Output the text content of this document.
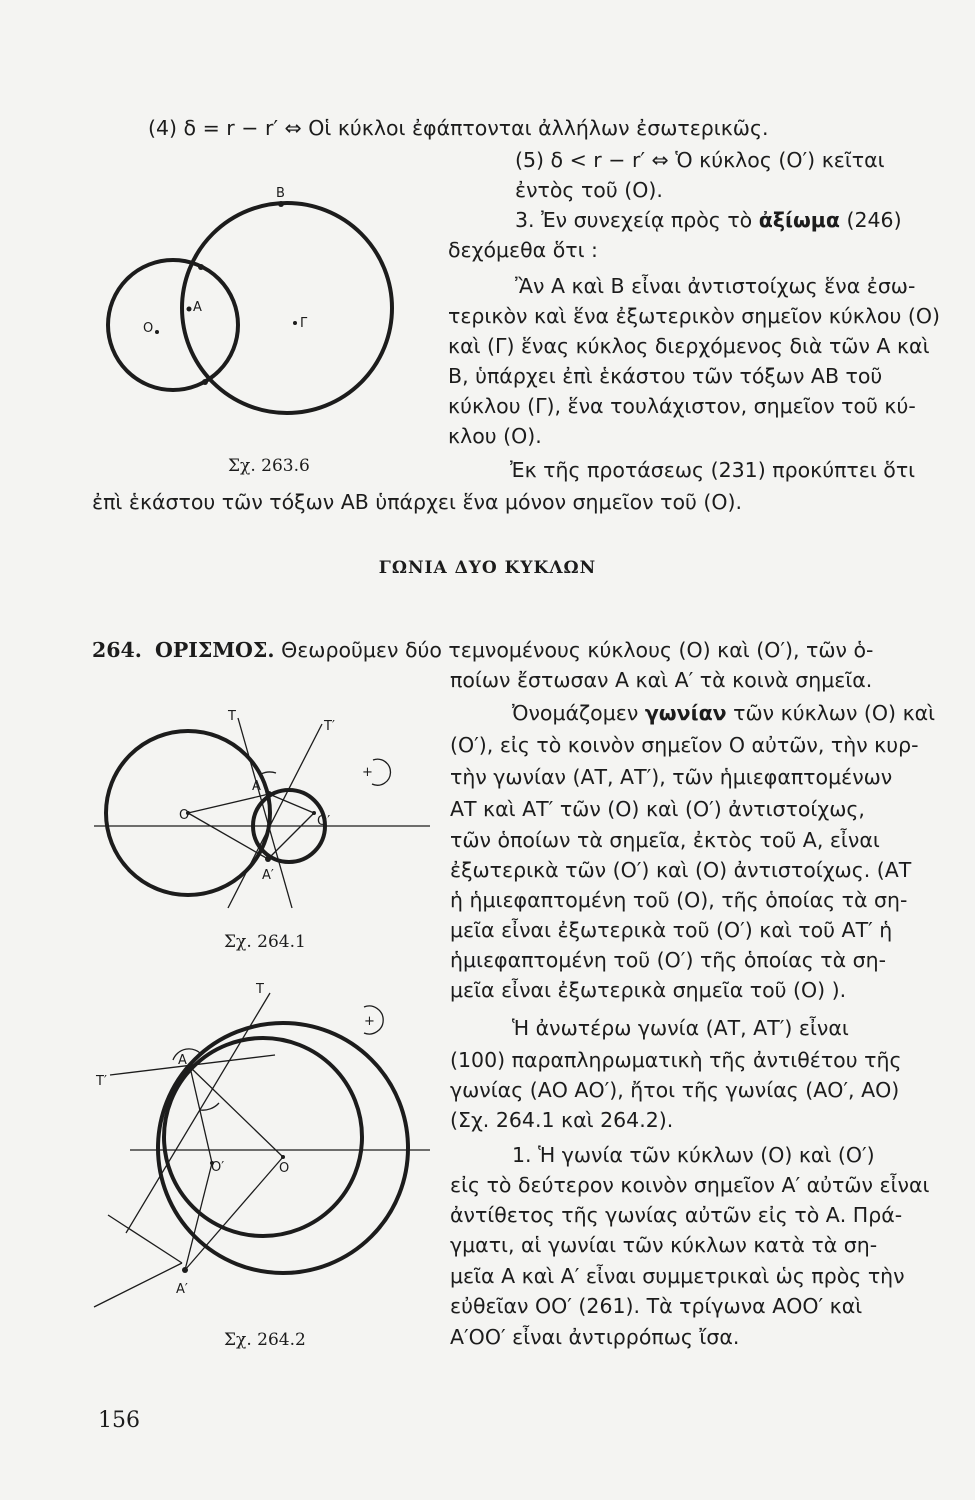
(4) δ = r − r′ ⇔ Οἱ κύκλοι ἐφάπτονται ἀλλήλων ἐσωτερικῶς.

(5) δ < r − r′ ⇔ Ὁ κύκλος (Ο′) κεῖται

ἐντὸς τοῦ (Ο).

3. Ἐν συνεχείᾳ πρὸς τὸ ἀξίωμα (246)

δεχόμεθα ὅτι :

Ἂν Α καὶ Β εἶναι ἀντιστοίχως ἕνα ἐσω-

τερικὸν καὶ ἕνα ἐξωτερικὸν σημεῖον κύκλου (Ο)

καὶ (Γ) ἕνας κύκλος διερχόμενος διὰ τῶν Α καὶ

Β, ὑπάρχει ἐπὶ ἑκάστου τῶν τόξων ΑΒ τοῦ

κύκλου (Γ), ἕνα τουλάχιστον, σημεῖον τοῦ κύ-

κλου (Ο).

Ἐκ τῆς προτάσεως (231) προκύπτει ὅτι

ἐπὶ ἑκάστου τῶν τόξων ΑΒ ὑπάρχει ἕνα μόνον σημεῖον τοῦ (Ο).

Β
Α
Ο	Γ
Σχ. 263.6
ΓΩΝΙΑ ΔΥΟ ΚΥΚΛΩΝ

264. ΟΡΙΣΜΟΣ. Θεωροῦμεν δύο τεμνομένους κύκλους (Ο) καὶ (Ο′), τῶν ὁ-

ποίων ἔστωσαν Α καὶ Α′ τὰ κοινὰ σημεῖα.

Ὀνομάζομεν γωνίαν τῶν κύκλων (Ο) καὶ

(Ο′), εἰς τὸ κοινὸν σημεῖον Ο αὐτῶν, τὴν κυρ-

τὴν γωνίαν (ΑΤ, ΑΤ′), τῶν ἡμιεφαπτομένων

ΑΤ καὶ ΑΤ′ τῶν (Ο) καὶ (Ο′) ἀντιστοίχως,

τῶν ὁποίων τὰ σημεῖα, ἐκτὸς τοῦ Α, εἶναι

ἐξωτερικὰ τῶν (Ο′) καὶ (Ο) ἀντιστοίχως. (ΑΤ

ἡ ἡμιεφαπτομένη τοῦ (Ο), τῆς ὁποίας τὰ ση-

μεῖα εἶναι ἐξωτερικὰ τοῦ (Ο′) καὶ τοῦ ΑΤ′ ἡ

ἡμιεφαπτομένη τοῦ (Ο′) τῆς ὁποίας τὰ ση-

μεῖα εἶναι ἐξωτερικὰ σημεῖα τοῦ (Ο) ).

Ἡ ἀνωτέρω γωνία (ΑΤ, ΑΤ′) εἶναι

(100) παραπληρωματικὴ τῆς ἀντιθέτου τῆς

γωνίας (ΑΟ ΑΟ′), ἤτοι τῆς γωνίας (ΑΟ′, ΑΟ)

(Σχ. 264.1 καὶ 264.2).

1. Ἡ γωνία τῶν κύκλων (Ο) καὶ (Ο′)

εἰς τὸ δεύτερον κοινὸν σημεῖον Α′ αὐτῶν εἶναι

ἀντίθετος τῆς γωνίας αὐτῶν εἰς τὸ Α. Πρά-

γματι, αἱ γωνίαι τῶν κύκλων κατὰ τὰ ση-

μεῖα Α καὶ Α′ εἶναι συμμετρικαὶ ὡς πρὸς τὴν

εὐθεῖαν ΟΟ′ (261). Τὰ τρίγωνα ΑΟΟ′ καὶ

Α′ΟΟ′ εἶναι ἀντιρρόπως ἴσα.

Τ
Τ′
Α
Ο	Ο′
Α′
+
Σχ. 264.1
Τ
Τ′
Α
Ο′	Ο
Α′
+
Σχ. 264.2
156
